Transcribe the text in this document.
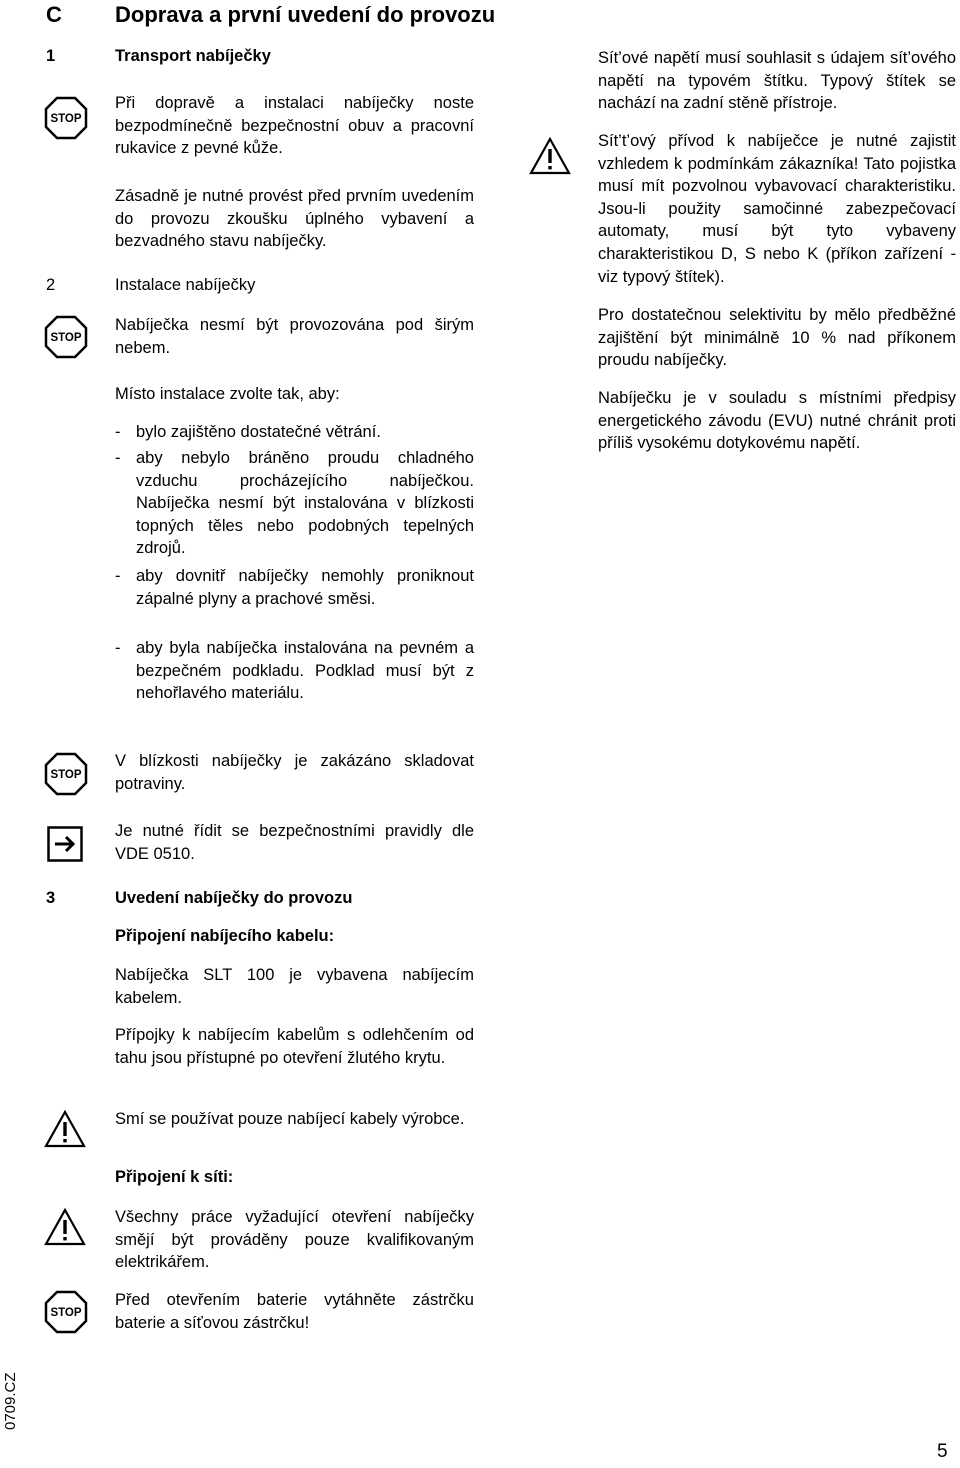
C Doprava a první uvedení do provozu
1	Transport nabíječky
STOP

Při dopravě a instalaci nabíječky noste bezpodmínečně bezpečnostní obuv a pracovní rukavice z pevné kůže.

Zásadně je nutné provést před prvním uvedením do provozu zkoušku úplného vybavení a bezvadného stavu nabíječky.

2	Instalace nabíječky
STOP

Nabíječka nesmí být provozována pod širým nebem.

Místo instalace zvolte tak, aby:

- bylo zajištěno dostatečné větrání.

- aby nebylo bráněno proudu chladného vzduchu procházejícího nabíječkou. Nabíječka nesmí být instalována v blízkosti topných těles nebo podobných tepelných zdrojů.

- aby dovnitř nabíječky nemohly proniknout zápalné plyny a prachové směsi.

- aby byla nabíječka instalována na pevném a bezpečném podkladu. Podklad musí být z nehořlavého materiálu.

STOP

V blízkosti nabíječky je zakázáno skladovat potraviny.

Je nutné řídit se bezpečnostními pravidly dle VDE 0510.

3	Uvedení nabíječky do provozu
Připojení nabíjecího kabelu:

Nabíječka SLT 100 je vybavena nabíjecím kabelem.

Přípojky k nabíjecím kabelům s odlehčením od tahu jsou přístupné po otevření žlutého krytu.

Smí se používat pouze nabíjecí kabely výrobce.

Připojení k síti:

Všechny práce vyžadující otevření nabíječky smějí být prováděny pouze kvalifikovaným elektrikářem.

STOP

Před otevřením baterie vytáhněte zástrčku baterie a síťovou zástrčku!

Sít’ové napětí musí souhlasit s údajem sít’ového napětí na typovém štítku. Typový štítek se nachází na zadní stěně přístroje.

Sít’t’ový přívod k nabíječce je nutné zajistit vzhledem k podmínkám zákazníka! Tato pojistka musí mít pozvolnou vybavovací charakteristiku. Jsou-li použity samočinné zabezpečovací automaty, musí být tyto vybaveny charakteristikou D, S nebo K (příkon zařízení - viz typový štítek).

Pro dostatečnou selektivitu by mělo předběžné zajištění být minimálně 10 % nad příkonem proudu nabíječky.

Nabíječku je v souladu s místními předpisy energetického závodu (EVU) nutné chránit proti příliš vysokému dotykovému napětí.

0709.CZ
5
